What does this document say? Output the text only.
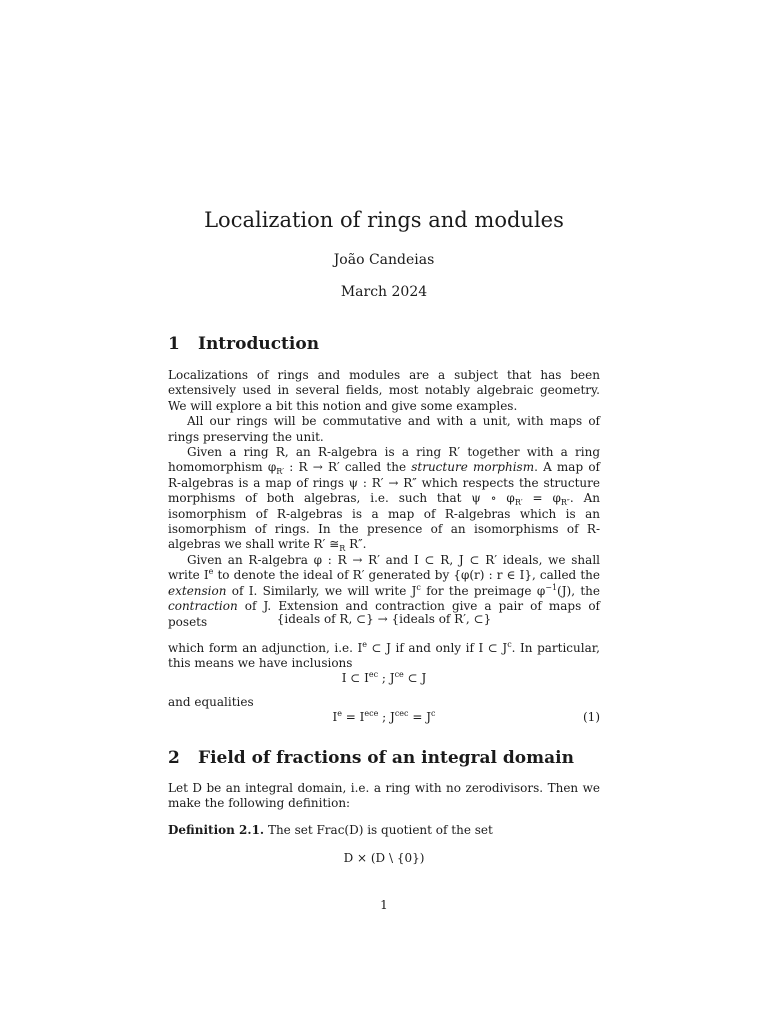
Localization of rings and modules
João Candeias
March 2024
1 Introduction

Localizations of rings and modules are a subject that has been extensively used in several fields, most notably algebraic geometry. We will explore a bit this notion and give some examples.

All our rings will be commutative and with a unit, with maps of rings preserving the unit.

Given a ring R, an R-algebra is a ring R′ together with a ring homomorphism $\varphi_{R'}$ : R → R′ called the structure morphism. A map of R-algebras is a map of rings ψ : R′ → R″ which respects the structure morphisms of both algebras, i.e. such that ψ ∘ $\varphi_{R'} = \varphi_{R''}$. An isomorphism of R-algebras is a map of R-algebras which is an isomorphism of rings. In the presence of an isomorphisms of R-algebras we shall write R′ $≅_R$ R″.

Given an R-algebra φ : R → R′ and I ⊂ R, J ⊂ R′ ideals, we shall write Ie to denote the ideal of R′ generated by {φ(r) : r ∈ I}, called the extension of I. Similarly, we will write $J^c$ for the preimage $\varphi^{-1}(J)$, the contraction of J. Extension and contraction give a pair of maps of posets	{ideals of R, ⊂} → {ideals of R′, ⊂}

which form an adjunction, i.e. Ie ⊂ J if and only if I ⊂ $J^c$. In particular, this means we have inclusions

I ⊂ $I^{ec}$ ; $J^{ce}$ ⊂ J
and equalities
$I^e = I^{ece}$ ; $J^{cec} = J^c$	(1)
2 Field of fractions of an integral domain

Let D be an integral domain, i.e. a ring with no zerodivisors. Then we make the following definition:

Definition 2.1. The set Frac(D) is quotient of the set
D × (D \ {0})
1
